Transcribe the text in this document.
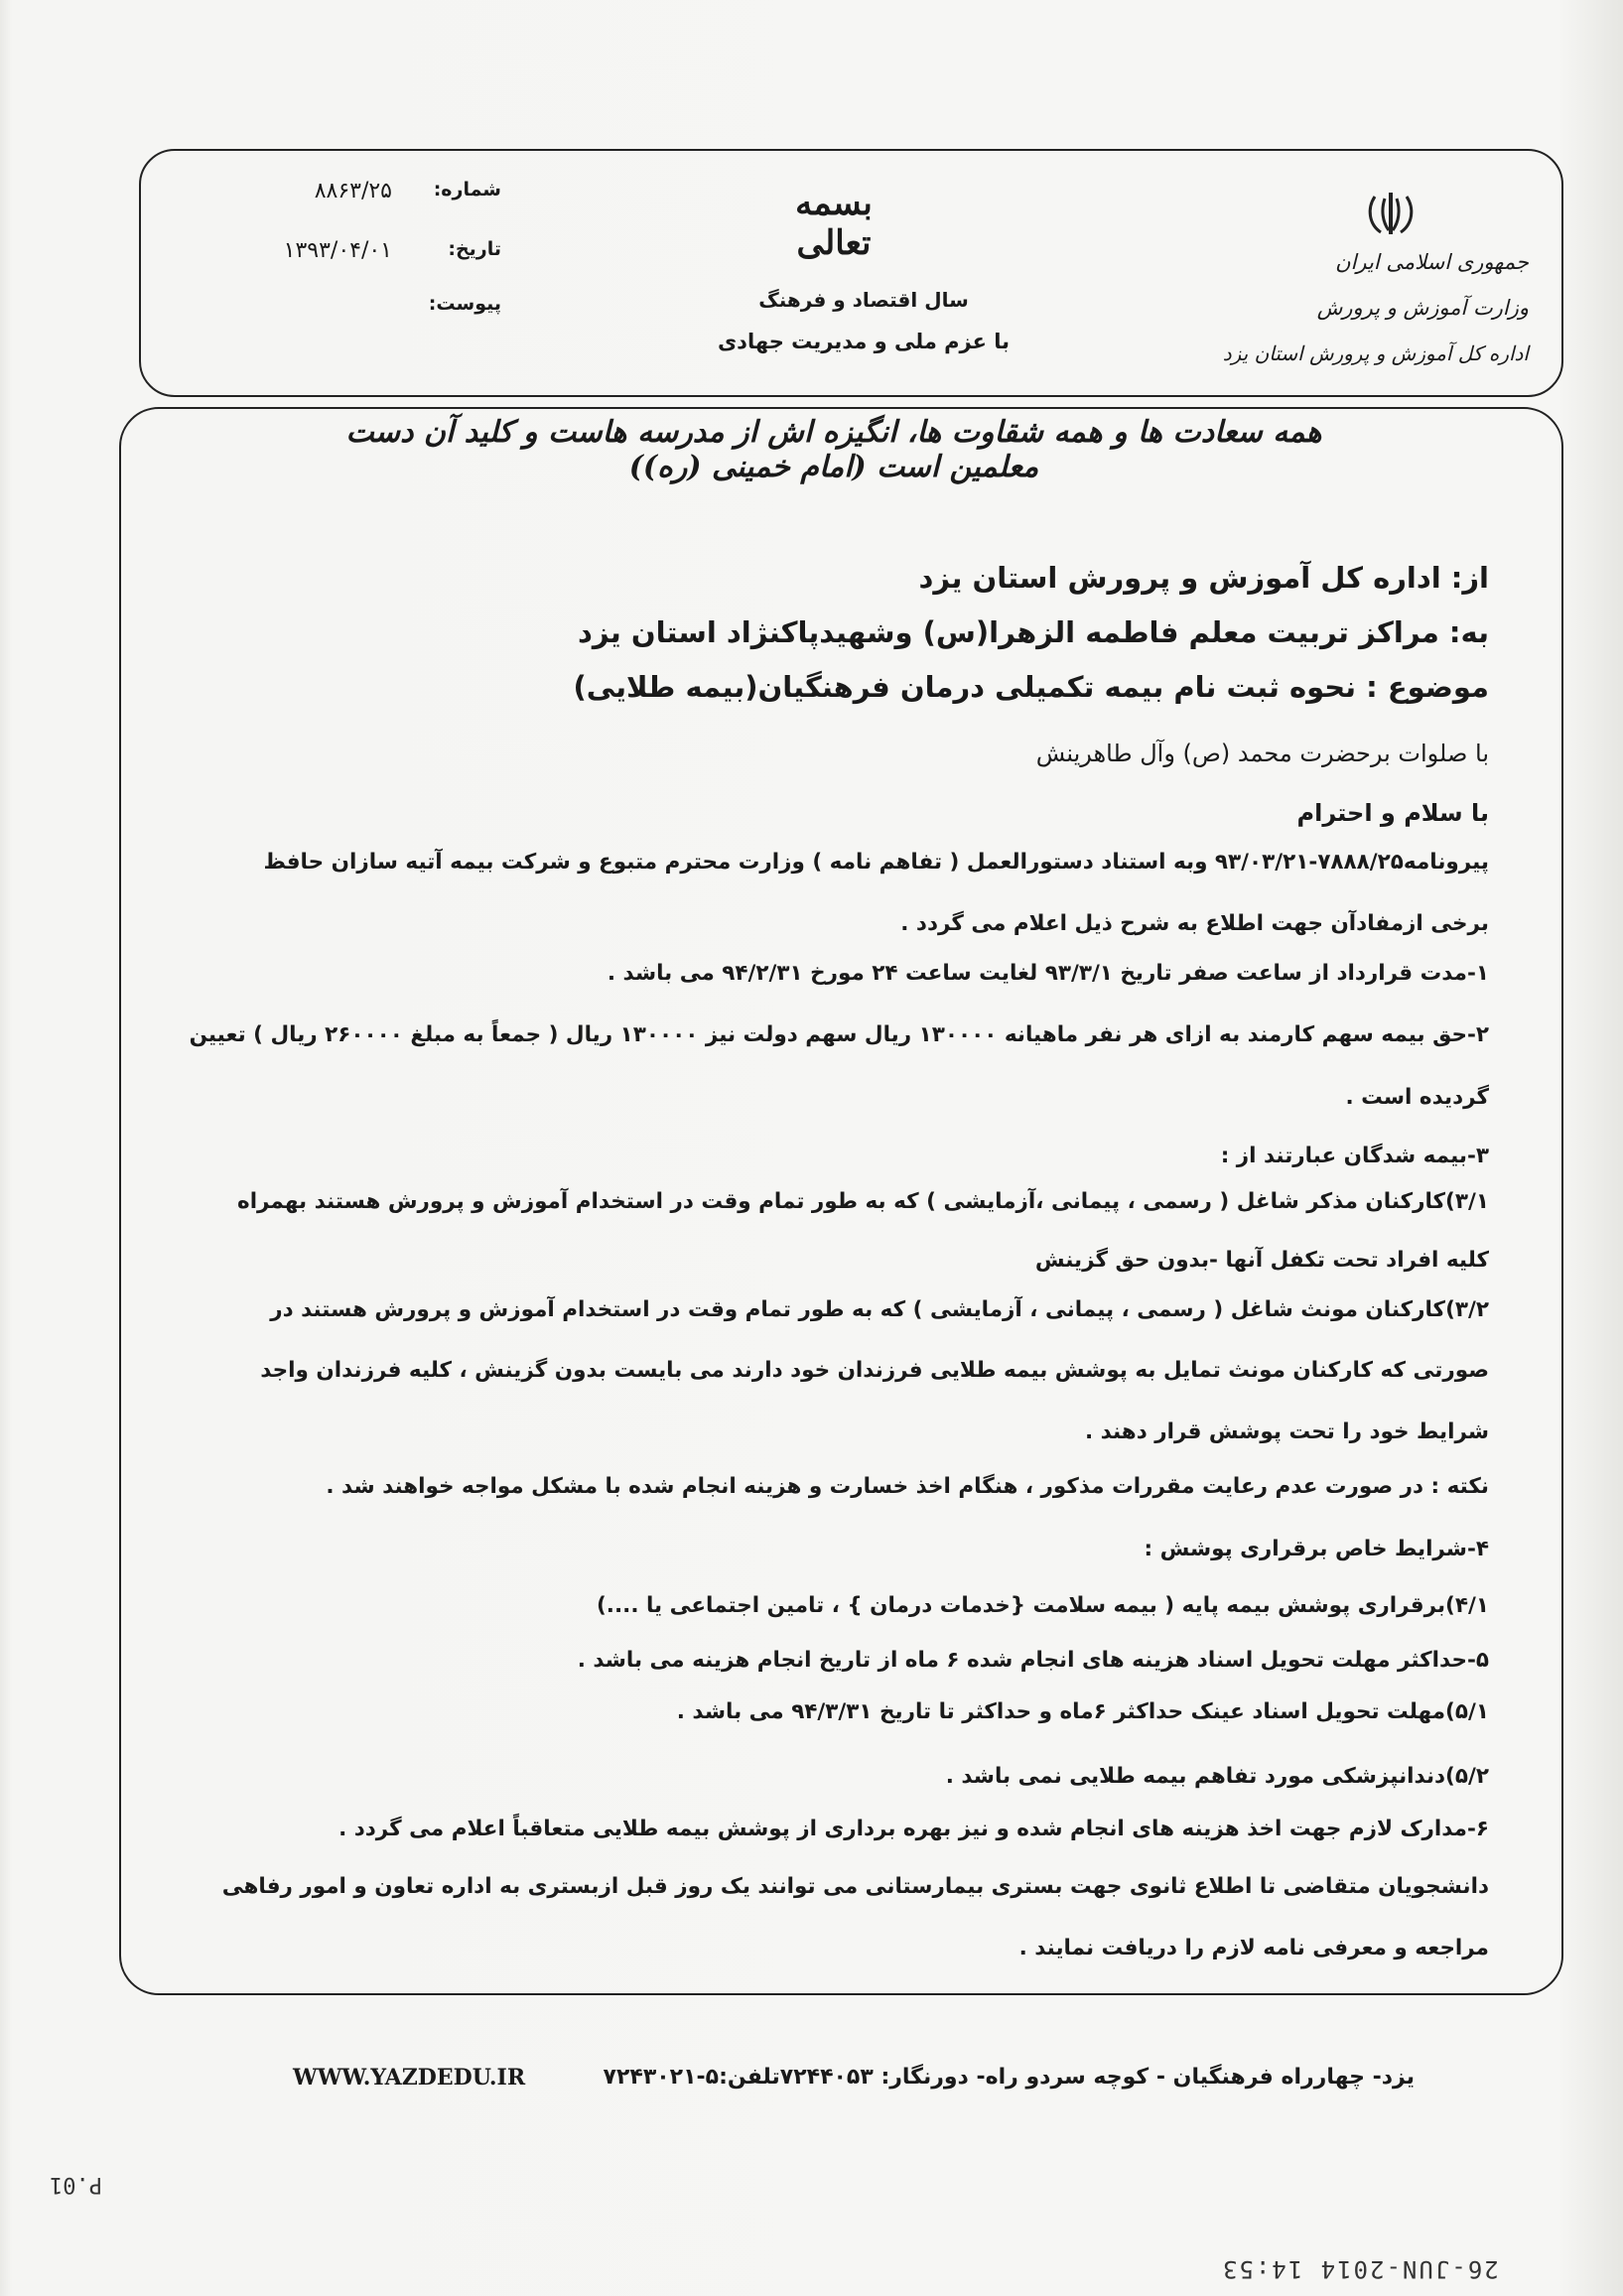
شماره:
۸۸۶۳/۲۵
تاریخ:
۱۳۹۳/۰۴/۰۱
پیوست:
بسمه تعالی
سال اقتصاد و فرهنگ
با عزم ملی و مدیریت جهادی
جمهوری اسلامی ایران
وزارت آموزش و پرورش
اداره کل آموزش و پرورش استان یزد
همه سعادت ها و همه شقاوت ها، انگیزه اش از مدرسه هاست و کلید آن دست معلمین است (امام خمینی (ره))
از: اداره کل آموزش و پرورش استان یزد
به: مراکز تربیت معلم فاطمه الزهرا(س) وشهیدپاکنژاد استان یزد
موضوع : نحوه ثبت نام بیمه تکمیلی درمان فرهنگیان(بیمه طلایی)
با صلوات برحضرت محمد (ص) وآل طاهرینش
با سلام و احترام
پیرونامه۷۸۸۸/۲۵-۹۳/۰۳/۲۱ وبه استناد دستورالعمل ( تفاهم نامه ) وزارت محترم متبوع و شرکت بیمه آتیه سازان حافظ
برخی ازمفادآن جهت اطلاع به شرح ذیل اعلام می گردد .
۱-مدت قرارداد از ساعت صفر تاریخ ۹۳/۳/۱ لغایت ساعت ۲۴ مورخ ۹۴/۲/۳۱ می باشد .
۲-حق بیمه سهم کارمند به ازای هر نفر ماهیانه ۱۳۰۰۰۰ ریال سهم دولت نیز ۱۳۰۰۰۰ ریال ( جمعاً به مبلغ ۲۶۰۰۰۰ ریال ) تعیین
گردیده است .
۳-بیمه شدگان عبارتند از :
۳/۱)کارکنان مذکر شاغل ( رسمی ، پیمانی ،آزمایشی ) که به طور تمام وقت در استخدام آموزش و پرورش هستند بهمراه
کلیه افراد تحت تکفل آنها -بدون حق گزینش
۳/۲)کارکنان مونث شاغل ( رسمی ، پیمانی ، آزمایشی ) که به طور تمام وقت در استخدام آموزش و پرورش هستند در
صورتی که کارکنان مونث تمایل به پوشش بیمه طلایی فرزندان خود دارند می بایست بدون گزینش ، کلیه فرزندان واجد
شرایط خود را تحت پوشش قرار دهند .
نکته : در صورت عدم رعایت مقررات مذکور ، هنگام اخذ خسارت و هزینه انجام شده با مشکل مواجه خواهند شد .
۴-شرایط خاص برقراری پوشش :
۴/۱)برقراری پوشش بیمه پایه ( بیمه سلامت {خدمات درمان } ، تامین اجتماعی یا ....)
۵-حداکثر مهلت تحویل اسناد هزینه های انجام شده ۶ ماه از تاریخ انجام هزینه می باشد .
۵/۱)مهلت تحویل اسناد عینک حداکثر ۶ماه و حداکثر تا تاریخ ۹۴/۳/۳۱ می باشد .
۵/۲)دندانپزشکی مورد تفاهم بیمه طلایی نمی باشد .
۶-مدارک لازم جهت اخذ هزینه های انجام شده و نیز بهره برداری از پوشش بیمه طلایی متعاقباً اعلام می گردد .
دانشجویان متقاضی تا اطلاع ثانوی جهت بستری بیمارستانی می توانند یک روز قبل ازبستری به اداره تعاون و امور رفاهی
مراجعه و معرفی نامه لازم را دریافت نمایند .
یزد- چهارراه فرهنگیان - کوچه سردو راه- دورنگار: ۷۲۴۴۰۵۳تلفن:۵-۷۲۴۳۰۲۱
WWW.YAZDEDU.IR
P.01
26-JUN-2014 14:53
